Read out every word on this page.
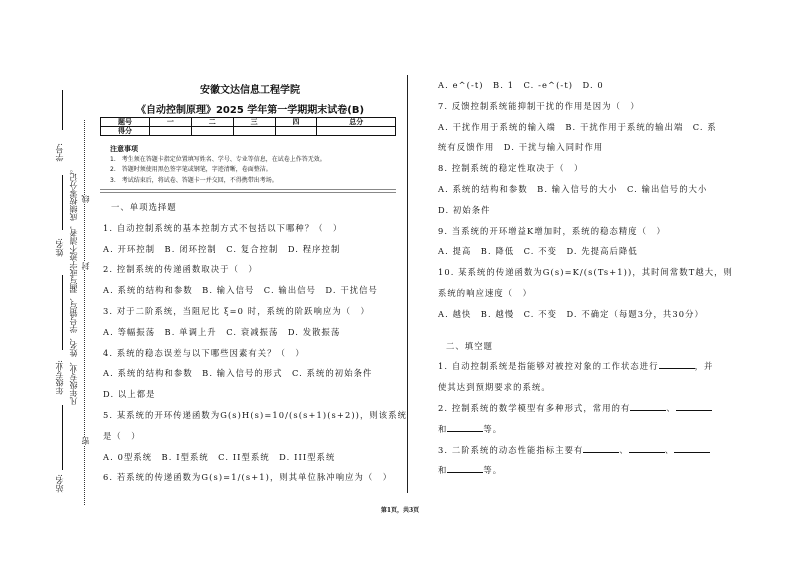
学号:
姓名:
年级专业:
站名:
凡年级专业、姓名、学号错写、漏写或字迹不清者，成绩按零分记。 线
封
密
安徽文达信息工程学院
《自动控制原理》2025 学年第一学期期末试卷(B)
题号	一	二	三	四	总分
得分					
注意事项
1.　考生须在答题卡指定位置填写姓名、学号、专业等信息，在试卷上作答无效。
2.　答题时须使用黑色签字笔或钢笔，字迹清晰，卷面整洁。
3.　考试结束后，将试卷、答题卡一并交回，不得携带出考场。
一、单项选择题
1. 自动控制系统的基本控制方式不包括以下哪种？（　）
A. 开环控制　B. 闭环控制　C. 复合控制　D. 程序控制
2. 控制系统的传递函数取决于（　）
A. 系统的结构和参数　B. 输入信号　C. 输出信号　D. 干扰信号
3. 对于二阶系统，当阻尼比 ξ=0 时，系统的阶跃响应为（　）
A. 等幅振荡　B. 单调上升　C. 衰减振荡　D. 发散振荡
4. 系统的稳态误差与以下哪些因素有关？（　）
A. 系统的结构和参数　B. 输入信号的形式　C. 系统的初始条件
D. 以上都是
5. 某系统的开环传递函数为G(s)H(s)=10/(s(s+1)(s+2))，则该系统
是（　）
A. 0型系统　B. I型系统　C. II型系统　D. III型系统
6. 若系统的传递函数为G(s)=1/(s+1)，则其单位脉冲响应为（　）
A. e^(-t)　B. 1　C. -e^(-t)　D. 0
7. 反馈控制系统能抑制干扰的作用是因为（　）
A. 干扰作用于系统的输入端　B. 干扰作用于系统的输出端　C. 系
统有反馈作用　D. 干扰与输入同时作用
8. 控制系统的稳定性取决于（　）
A. 系统的结构和参数　B. 输入信号的大小　C. 输出信号的大小
D. 初始条件
9. 当系统的开环增益K增加时，系统的稳态精度（　）
A. 提高　B. 降低　C. 不变　D. 先提高后降低
10. 某系统的传递函数为G(s)=K/(s(Ts+1))，其时间常数T越大，则
系统的响应速度（　）
A. 越快　B. 越慢　C. 不变　D. 不确定（每题3分，共30分）
二、填空题
1. 自动控制系统是指能够对被控对象的工作状态进行	，并
使其达到预期要求的系统。
2. 控制系统的数学模型有多种形式，常用的有	、
和	等。
3. 二阶系统的动态性能指标主要有	、	、
和	等。
第1页，共3页
